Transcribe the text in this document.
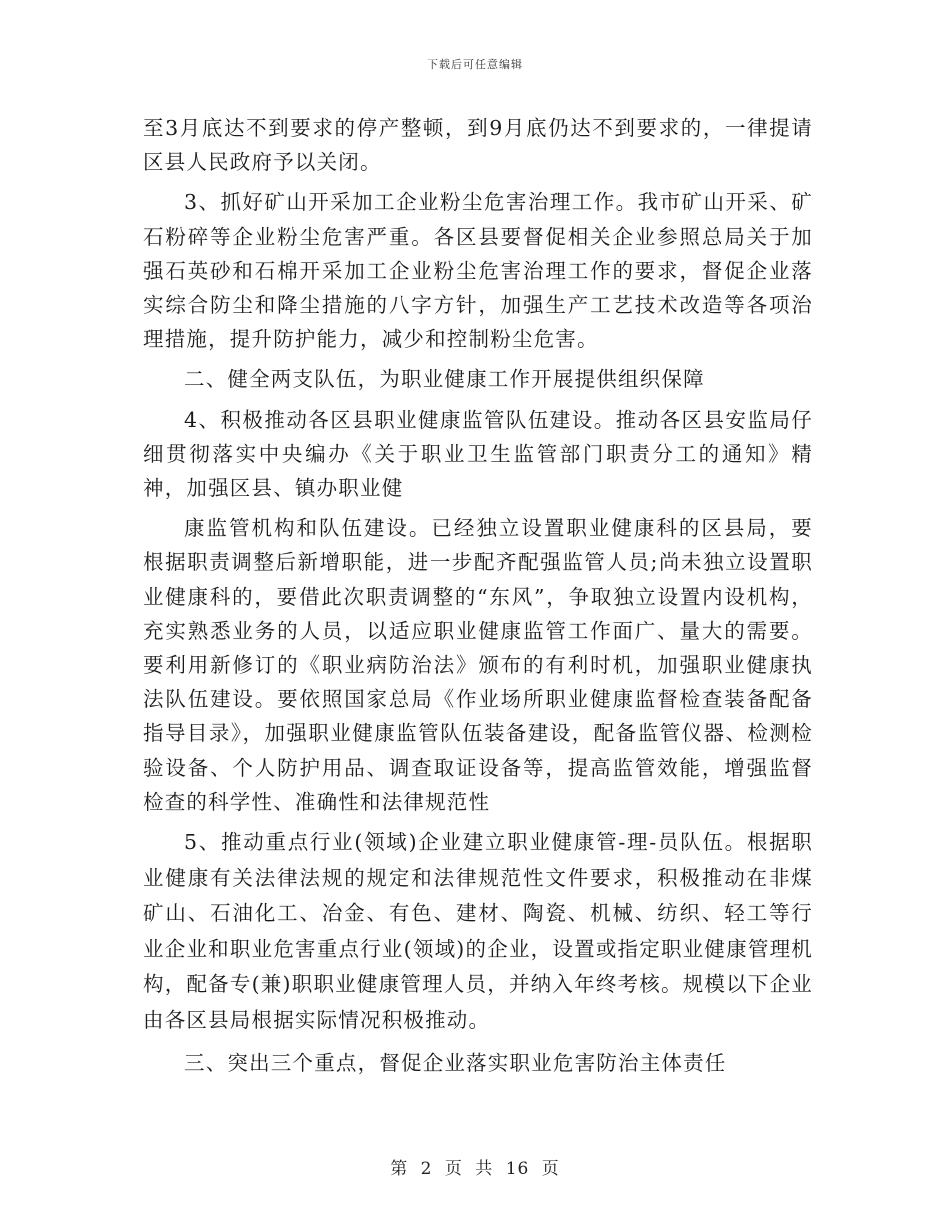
下载后可任意编辑

至3月底达不到要求的停产整顿，到9月底仍达不到要求的，一律提请区县人民政府予以关闭。

3、抓好矿山开采加工企业粉尘危害治理工作。我市矿山开采、矿石粉碎等企业粉尘危害严重。各区县要督促相关企业参照总局关于加强石英砂和石棉开采加工企业粉尘危害治理工作的要求，督促企业落实综合防尘和降尘措施的八字方针，加强生产工艺技术改造等各项治理措施，提升防护能力，减少和控制粉尘危害。

二、健全两支队伍，为职业健康工作开展提供组织保障

4、积极推动各区县职业健康监管队伍建设。推动各区县安监局仔细贯彻落实中央编办《关于职业卫生监管部门职责分工的通知》精神，加强区县、镇办职业健

康监管机构和队伍建设。已经独立设置职业健康科的区县局，要根据职责调整后新增职能，进一步配齐配强监管人员;尚未独立设置职业健康科的，要借此次职责调整的“东风”，争取独立设置内设机构，充实熟悉业务的人员，以适应职业健康监管工作面广、量大的需要。要利用新修订的《职业病防治法》颁布的有利时机，加强职业健康执法队伍建设。要依照国家总局《作业场所职业健康监督检查装备配备指导目录》，加强职业健康监管队伍装备建设，配备监管仪器、检测检验设备、个人防护用品、调查取证设备等，提高监管效能，增强监督检查的科学性、准确性和法律规范性

5、推动重点行业(领域)企业建立职业健康管-理-员队伍。根据职业健康有关法律法规的规定和法律规范性文件要求，积极推动在非煤矿山、石油化工、冶金、有色、建材、陶瓷、机械、纺织、轻工等行业企业和职业危害重点行业(领域)的企业，设置或指定职业健康管理机构，配备专(兼)职职业健康管理人员，并纳入年终考核。规模以下企业由各区县局根据实际情况积极推动。

三、突出三个重点，督促企业落实职业危害防治主体责任

第 2 页 共 16 页
